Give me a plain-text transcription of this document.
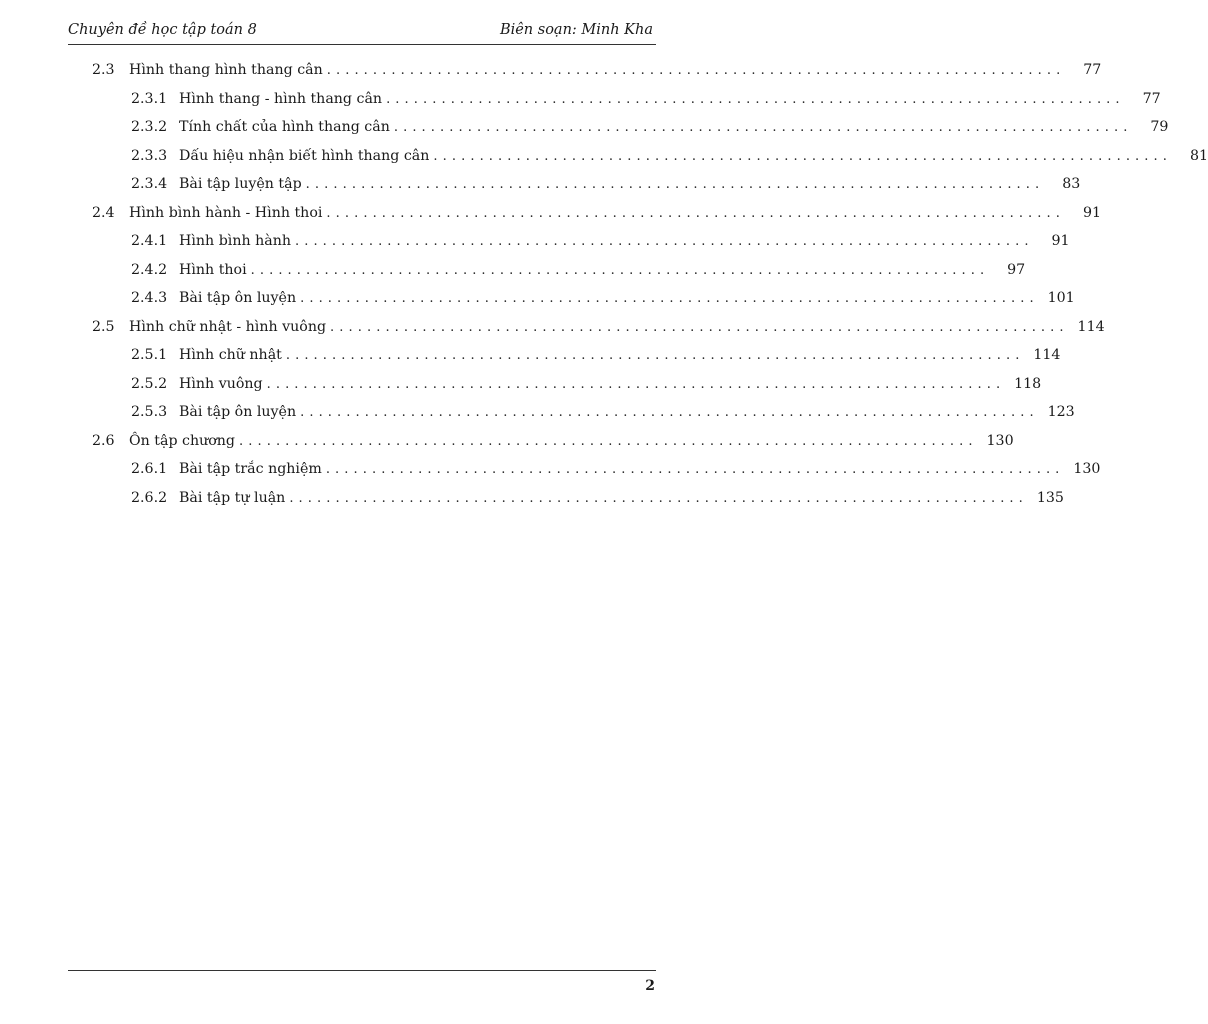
Chuyên đề học tập toán 8	Biên soạn: Minh Kha
2.3	Hình thang hình thang cân ................................................................................	77
2.3.1 Hình thang - hình thang cân ................................................................................	77
2.3.2 Tính chất của hình thang cân ................................................................................	79
2.3.3 Dấu hiệu nhận biết hình thang cân ................................................................................	81
2.3.4 Bài tập luyện tập ................................................................................	83
2.4	Hình bình hành - Hình thoi ................................................................................	91
2.4.1 Hình bình hành ................................................................................	91
2.4.2 Hình thoi ................................................................................	97
2.4.3 Bài tập ôn luyện ................................................................................ 101
2.5	Hình chữ nhật - hình vuông ................................................................................ 114
2.5.1 Hình chữ nhật ................................................................................ 114
2.5.2 Hình vuông ................................................................................ 118
2.5.3 Bài tập ôn luyện ................................................................................ 123
2.6	Ôn tập chương ................................................................................ 130
2.6.1 Bài tập trắc nghiệm ................................................................................ 130
2.6.2 Bài tập tự luận ................................................................................ 135
2
